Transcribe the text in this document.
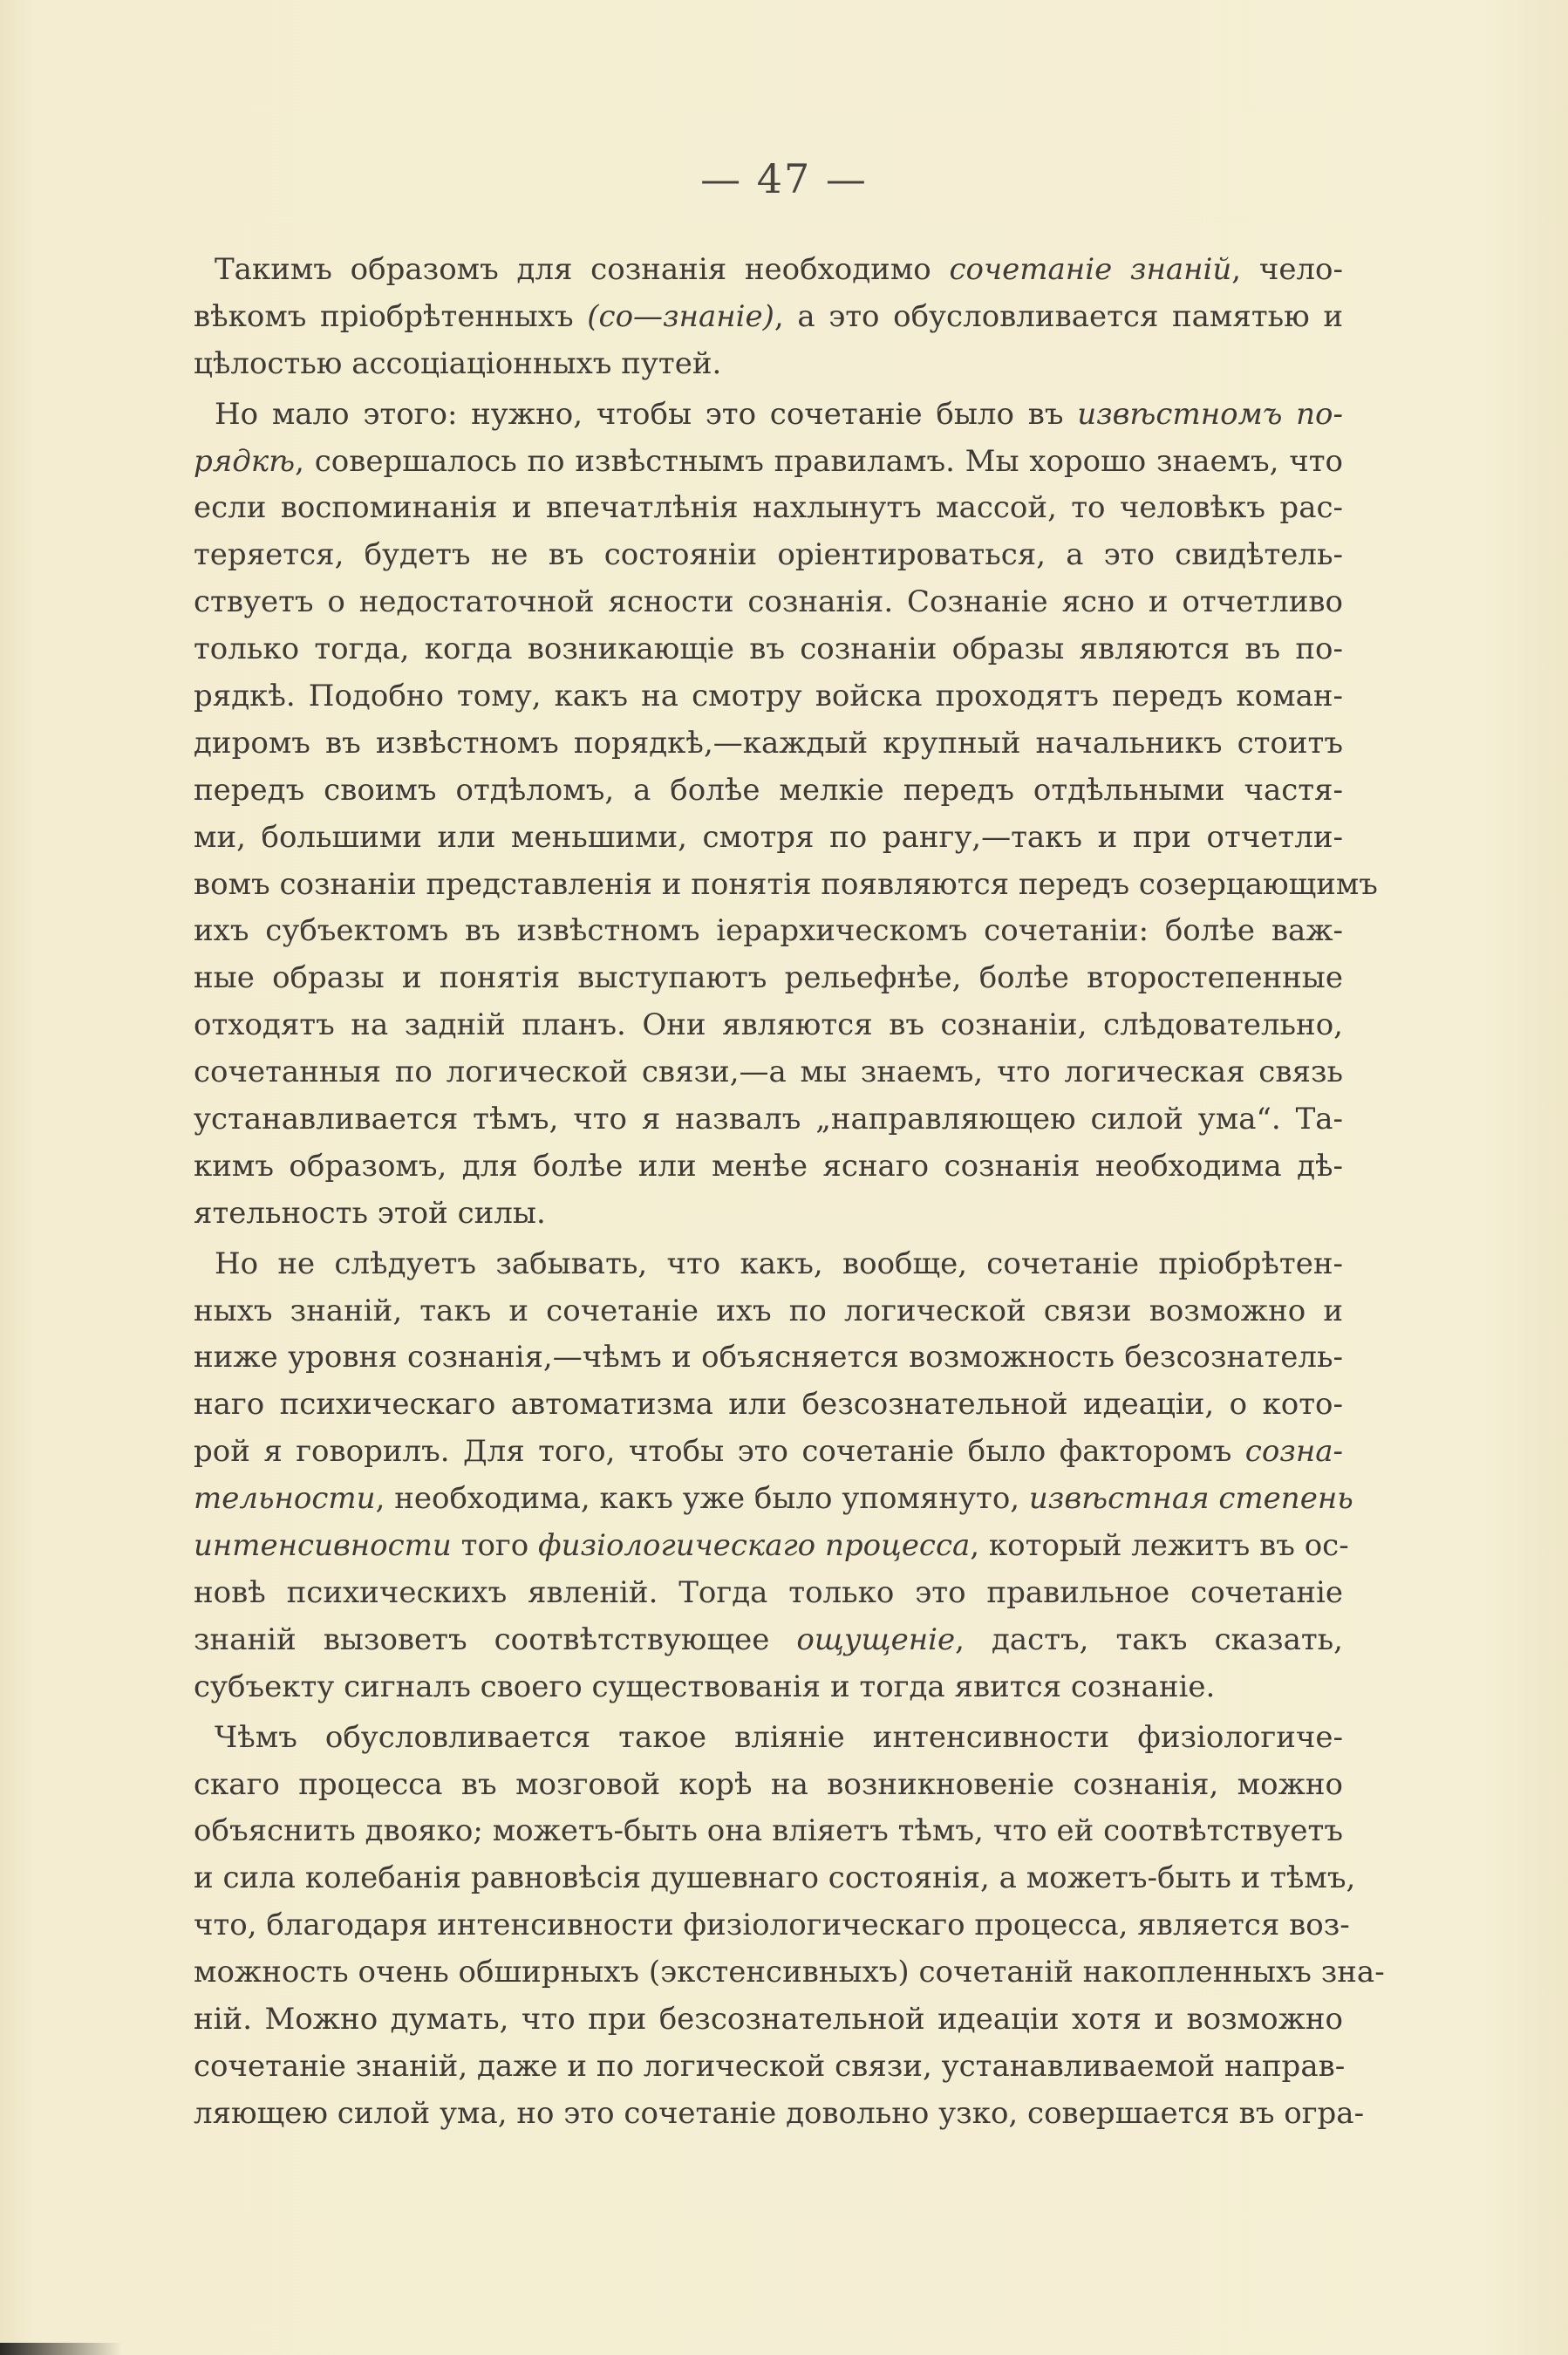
— 47 —
Такимъ образомъ для сознанія необходимо сочетаніе знаній, чело-
вѣкомъ пріобрѣтенныхъ (со—знаніе), а это обусловливается памятью и
цѣлостью ассоціаціонныхъ путей.
Но мало этого: нужно, чтобы это сочетаніе было въ извѣстномъ по-
рядкѣ, совершалось по извѣстнымъ правиламъ. Мы хорошо знаемъ, что
если воспоминанія и впечатлѣнія нахлынутъ массой, то человѣкъ рас-
теряется, будетъ не въ состояніи оріентироваться, а это свидѣтель-
ствуетъ о недостаточной ясности сознанія. Сознаніе ясно и отчетливо
только тогда, когда возникающіе въ сознаніи образы являются въ по-
рядкѣ. Подобно тому, какъ на смотру войска проходятъ передъ коман-
диромъ въ извѣстномъ порядкѣ,—каждый крупный начальникъ стоитъ
передъ своимъ отдѣломъ, а болѣе мелкіе передъ отдѣльными частя-
ми, большими или меньшими, смотря по рангу,—такъ и при отчетли-
вомъ сознаніи представленія и понятія появляются передъ созерцающимъ
ихъ субъектомъ въ извѣстномъ іерархическомъ сочетаніи: болѣе важ-
ные образы и понятія выступаютъ рельефнѣе, болѣе второстепенные
отходятъ на задній планъ. Они являются въ сознаніи, слѣдовательно,
сочетанныя по логической связи,—а мы знаемъ, что логическая связь
устанавливается тѣмъ, что я назвалъ „направляющею силой ума“. Та-
кимъ образомъ, для болѣе или менѣе яснаго сознанія необходима дѣ-
ятельность этой силы.
Но не слѣдуетъ забывать, что какъ, вообще, сочетаніе пріобрѣтен-
ныхъ знаній, такъ и сочетаніе ихъ по логической связи возможно и
ниже уровня сознанія,—чѣмъ и объясняется возможность безсознатель-
наго психическаго автоматизма или безсознательной идеаціи, о кото-
рой я говорилъ. Для того, чтобы это сочетаніе было факторомъ созна-
тельности, необходима, какъ уже было упомянуто, извѣстная степень
интенсивности того физіологическаго процесса, который лежитъ въ ос-
новѣ психическихъ явленій. Тогда только это правильное сочетаніе
знаній вызоветъ соотвѣтствующее ощущеніе, дастъ, такъ сказать,
субъекту сигналъ своего существованія и тогда явится сознаніе.
Чѣмъ обусловливается такое вліяніе интенсивности физіологиче-
скаго процесса въ мозговой корѣ на возникновеніе сознанія, можно
объяснить двояко; можетъ-быть она вліяетъ тѣмъ, что ей соотвѣтствуетъ
и сила колебанія равновѣсія душевнаго состоянія, а можетъ-быть и тѣмъ,
что, благодаря интенсивности физіологическаго процесса, является воз-
можность очень обширныхъ (экстенсивныхъ) сочетаній накопленныхъ зна-
ній. Можно думать, что при безсознательной идеаціи хотя и возможно
сочетаніе знаній, даже и по логической связи, устанавливаемой направ-
ляющею силой ума, но это сочетаніе довольно узко, совершается въ огра-
